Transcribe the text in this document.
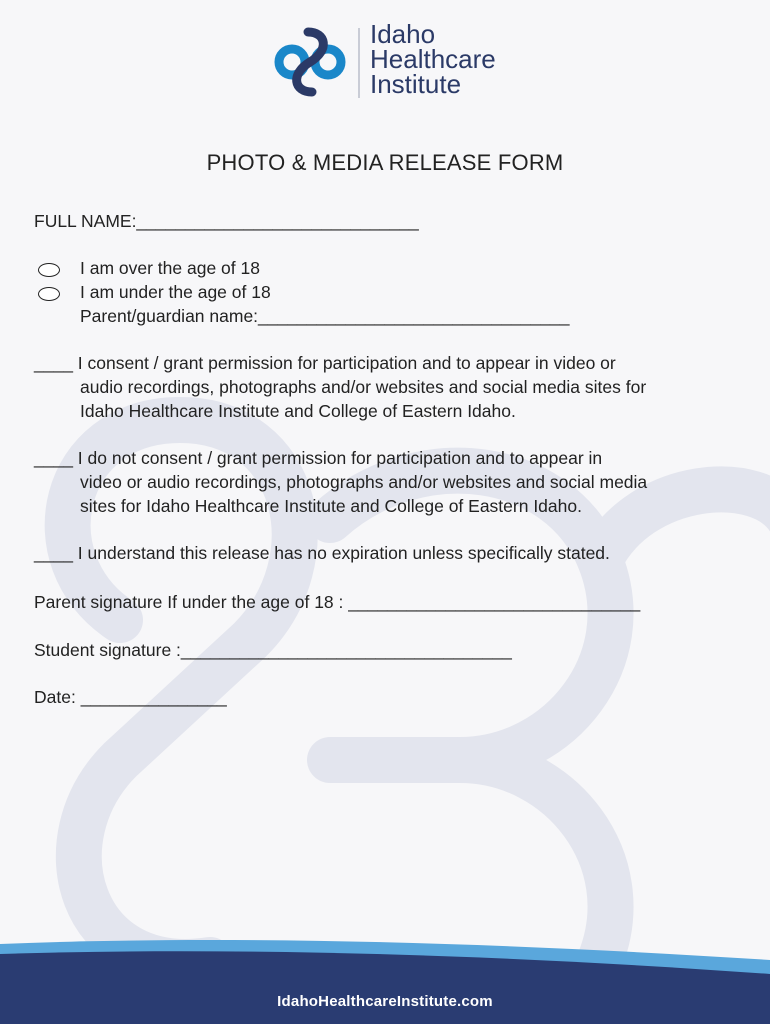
Idaho
Healthcare
Institute
PHOTO & MEDIA RELEASE FORM
FULL NAME:_____________________________
I am over the age of 18
I am under the age of 18
Parent/guardian name:________________________________
____ I consent / grant permission for participation and to appear in video or
audio recordings, photographs and/or websites and social media sites for
Idaho Healthcare Institute and College of Eastern Idaho.
____ I do not consent / grant permission for participation and to appear in
video or audio recordings, photographs and/or websites and social media
sites for Idaho Healthcare Institute and College of Eastern Idaho.
____ I understand this release has no expiration unless specifically stated.
Parent signature If under the age of 18 : ______________________________
Student signature :__________________________________
Date: _______________
IdahoHealthcareInstitute.com
